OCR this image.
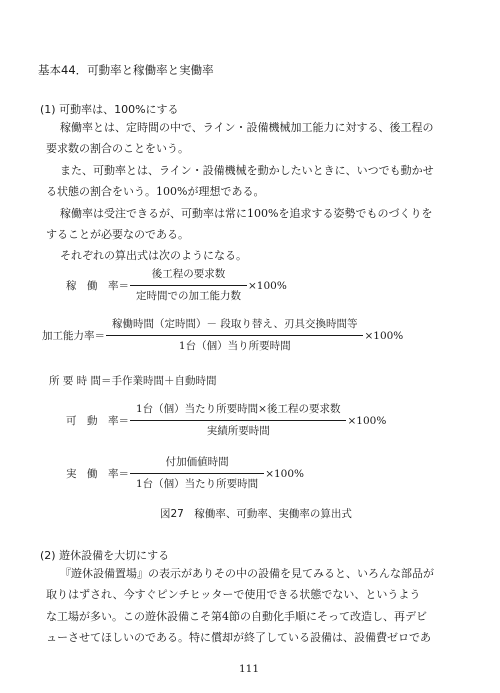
基本44．可動率と稼働率と実働率
(1) 可動率は、100%にする
稼働率とは、定時間の中で、ライン・設備機械加工能力に対する、後工程の
要求数の割合のことをいう。
また、可動率とは、ライン・設備機械を動かしたいときに、いつでも動かせ
る状態の割合をいう。100%が理想である。
稼働率は受注できるが、可動率は常に100%を追求する姿勢でものづくりを
することが必要なのである。
それぞれの算出式は次のようになる。
稼　働　率＝ $\frac{\text{後工程の要求数}}{\text{定時間での加工能力数}} \times 100\%$
加工能力率＝ $\frac{\text{稼働時間（定時間）－ 段取り替え、刃具交換時間等}}{\text{1台（個）当り所要時間}} \times 100\%$
所 要 時 間＝手作業時間＋自動時間
可　動　率＝ $\frac{\text{1台（個）当たり所要時間×後工程の要求数}}{\text{実績所要時間}} \times 100\%$
実　働　率＝ $\frac{\text{付加価値時間}}{\text{1台（個）当たり所要時間}} \times 100\%$
図27　稼働率、可動率、実働率の算出式
(2) 遊休設備を大切にする
『遊休設備置場』の表示がありその中の設備を見てみると、いろんな部品が
取りはずされ、今すぐピンチヒッターで使用できる状態でない、というよう
な工場が多い。この遊休設備こそ第4節の自動化手順にそって改造し、再デビ
ューさせてほしいのである。特に償却が終了している設備は、設備費ゼロであ
111
